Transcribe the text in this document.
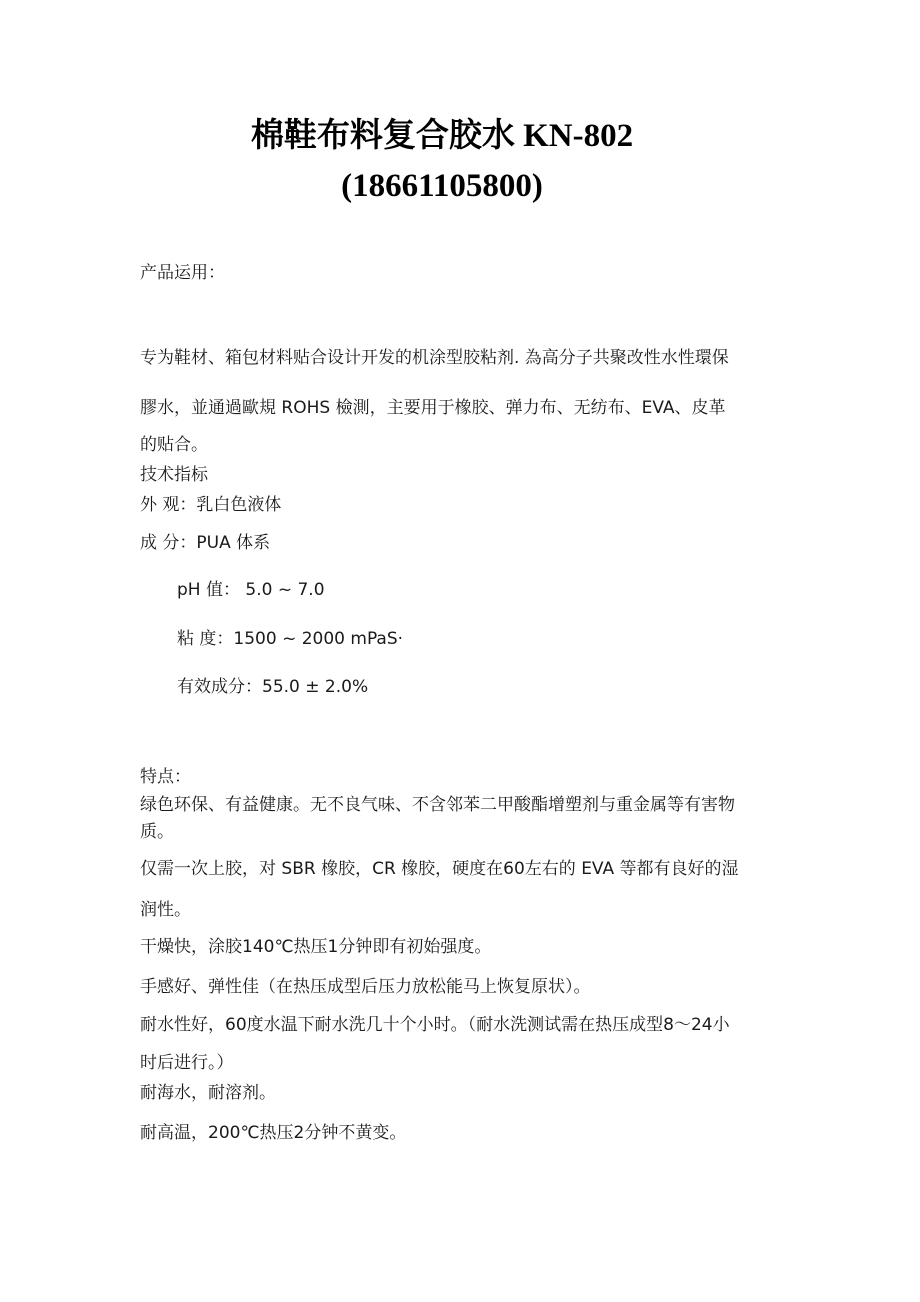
棉鞋布料复合胶水 KN-802
(18661105800)
产品运用：
专为鞋材、箱包材料贴合设计开发的机涂型胶粘剂. 為高分子共聚改性水性環保
膠水，並通過歐規 ROHS 檢測，主要用于橡胶、弹力布、无纺布、EVA、皮革
的贴合。
技术指标
外 观：乳白色液体
成 分：PUA 体系
pH 值： 5.0 ~ 7.0
粘 度：1500 ~ 2000 mPaS·
有效成分：55.0 ± 2.0%
特点：
绿色环保、有益健康。无不良气味、不含邻苯二甲酸酯增塑剂与重金属等有害物
质。
仅需一次上胶，对 SBR 橡胶，CR 橡胶，硬度在60左右的 EVA 等都有良好的湿
润性。
干燥快，涂胶140℃热压1分钟即有初始强度。
手感好、弹性佳（在热压成型后压力放松能马上恢复原状）。
耐水性好，60度水温下耐水洗几十个小时。（耐水洗测试需在热压成型8～24小
时后进行。）
耐海水，耐溶剂。
耐高温，200℃热压2分钟不黄变。
